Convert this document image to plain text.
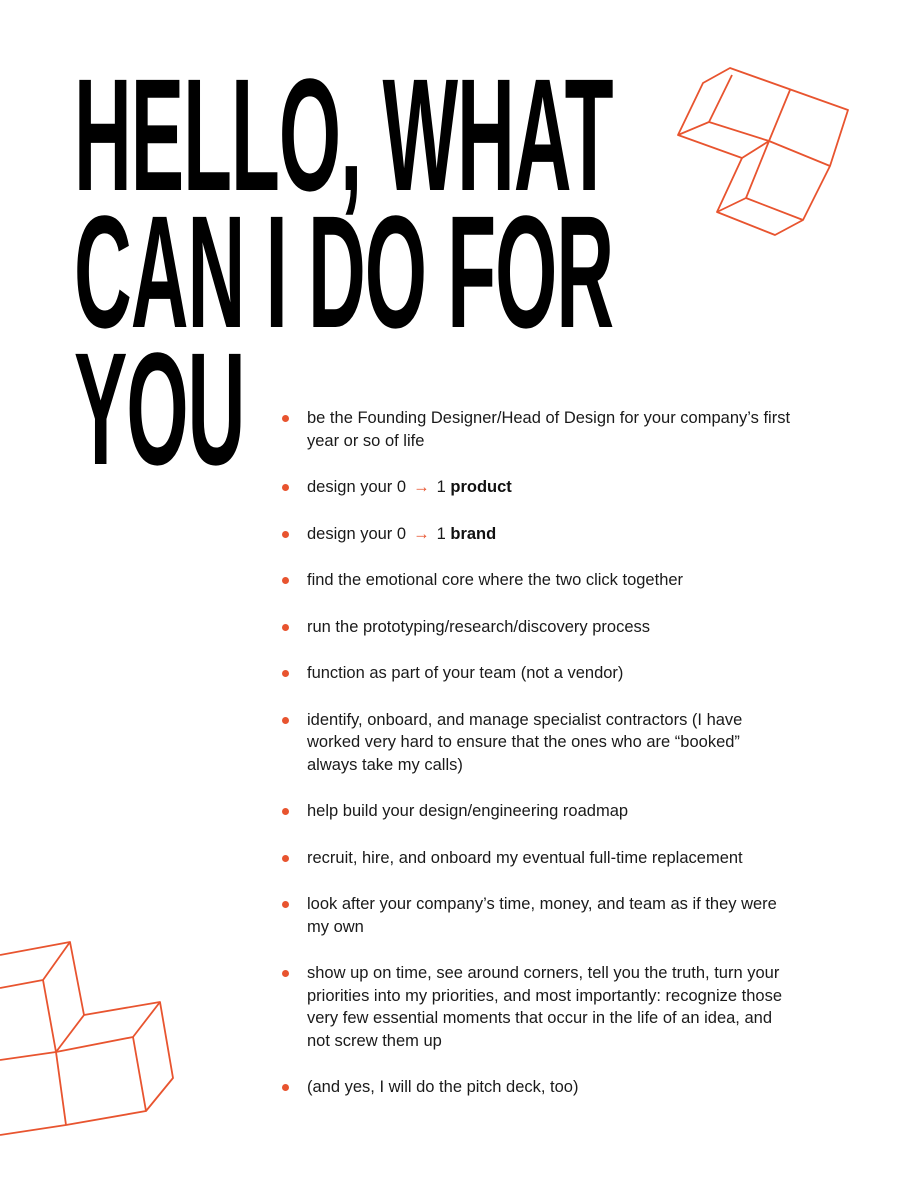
HELLO, WHAT
CAN I DO FOR
YOU	be the Founding Designer/Head of Design for your company’s first year or so of life
design your 0 → 1 product
design your 0 → 1 brand
find the emotional core where the two click together
run the prototyping/research/discovery process
function as part of your team (not a vendor)
identify, onboard, and manage specialist contractors (I have worked very hard to ensure that the ones who are “booked” always take my calls)
help build your design/engineering roadmap
recruit, hire, and onboard my eventual full-time replacement
look after your company’s time, money, and team as if they were my own
show up on time, see around corners, tell you the truth, turn your priorities into my priorities, and most importantly: recognize those very few essential moments that occur in the life of an idea, and not screw them up
(and yes, I will do the pitch deck, too)
